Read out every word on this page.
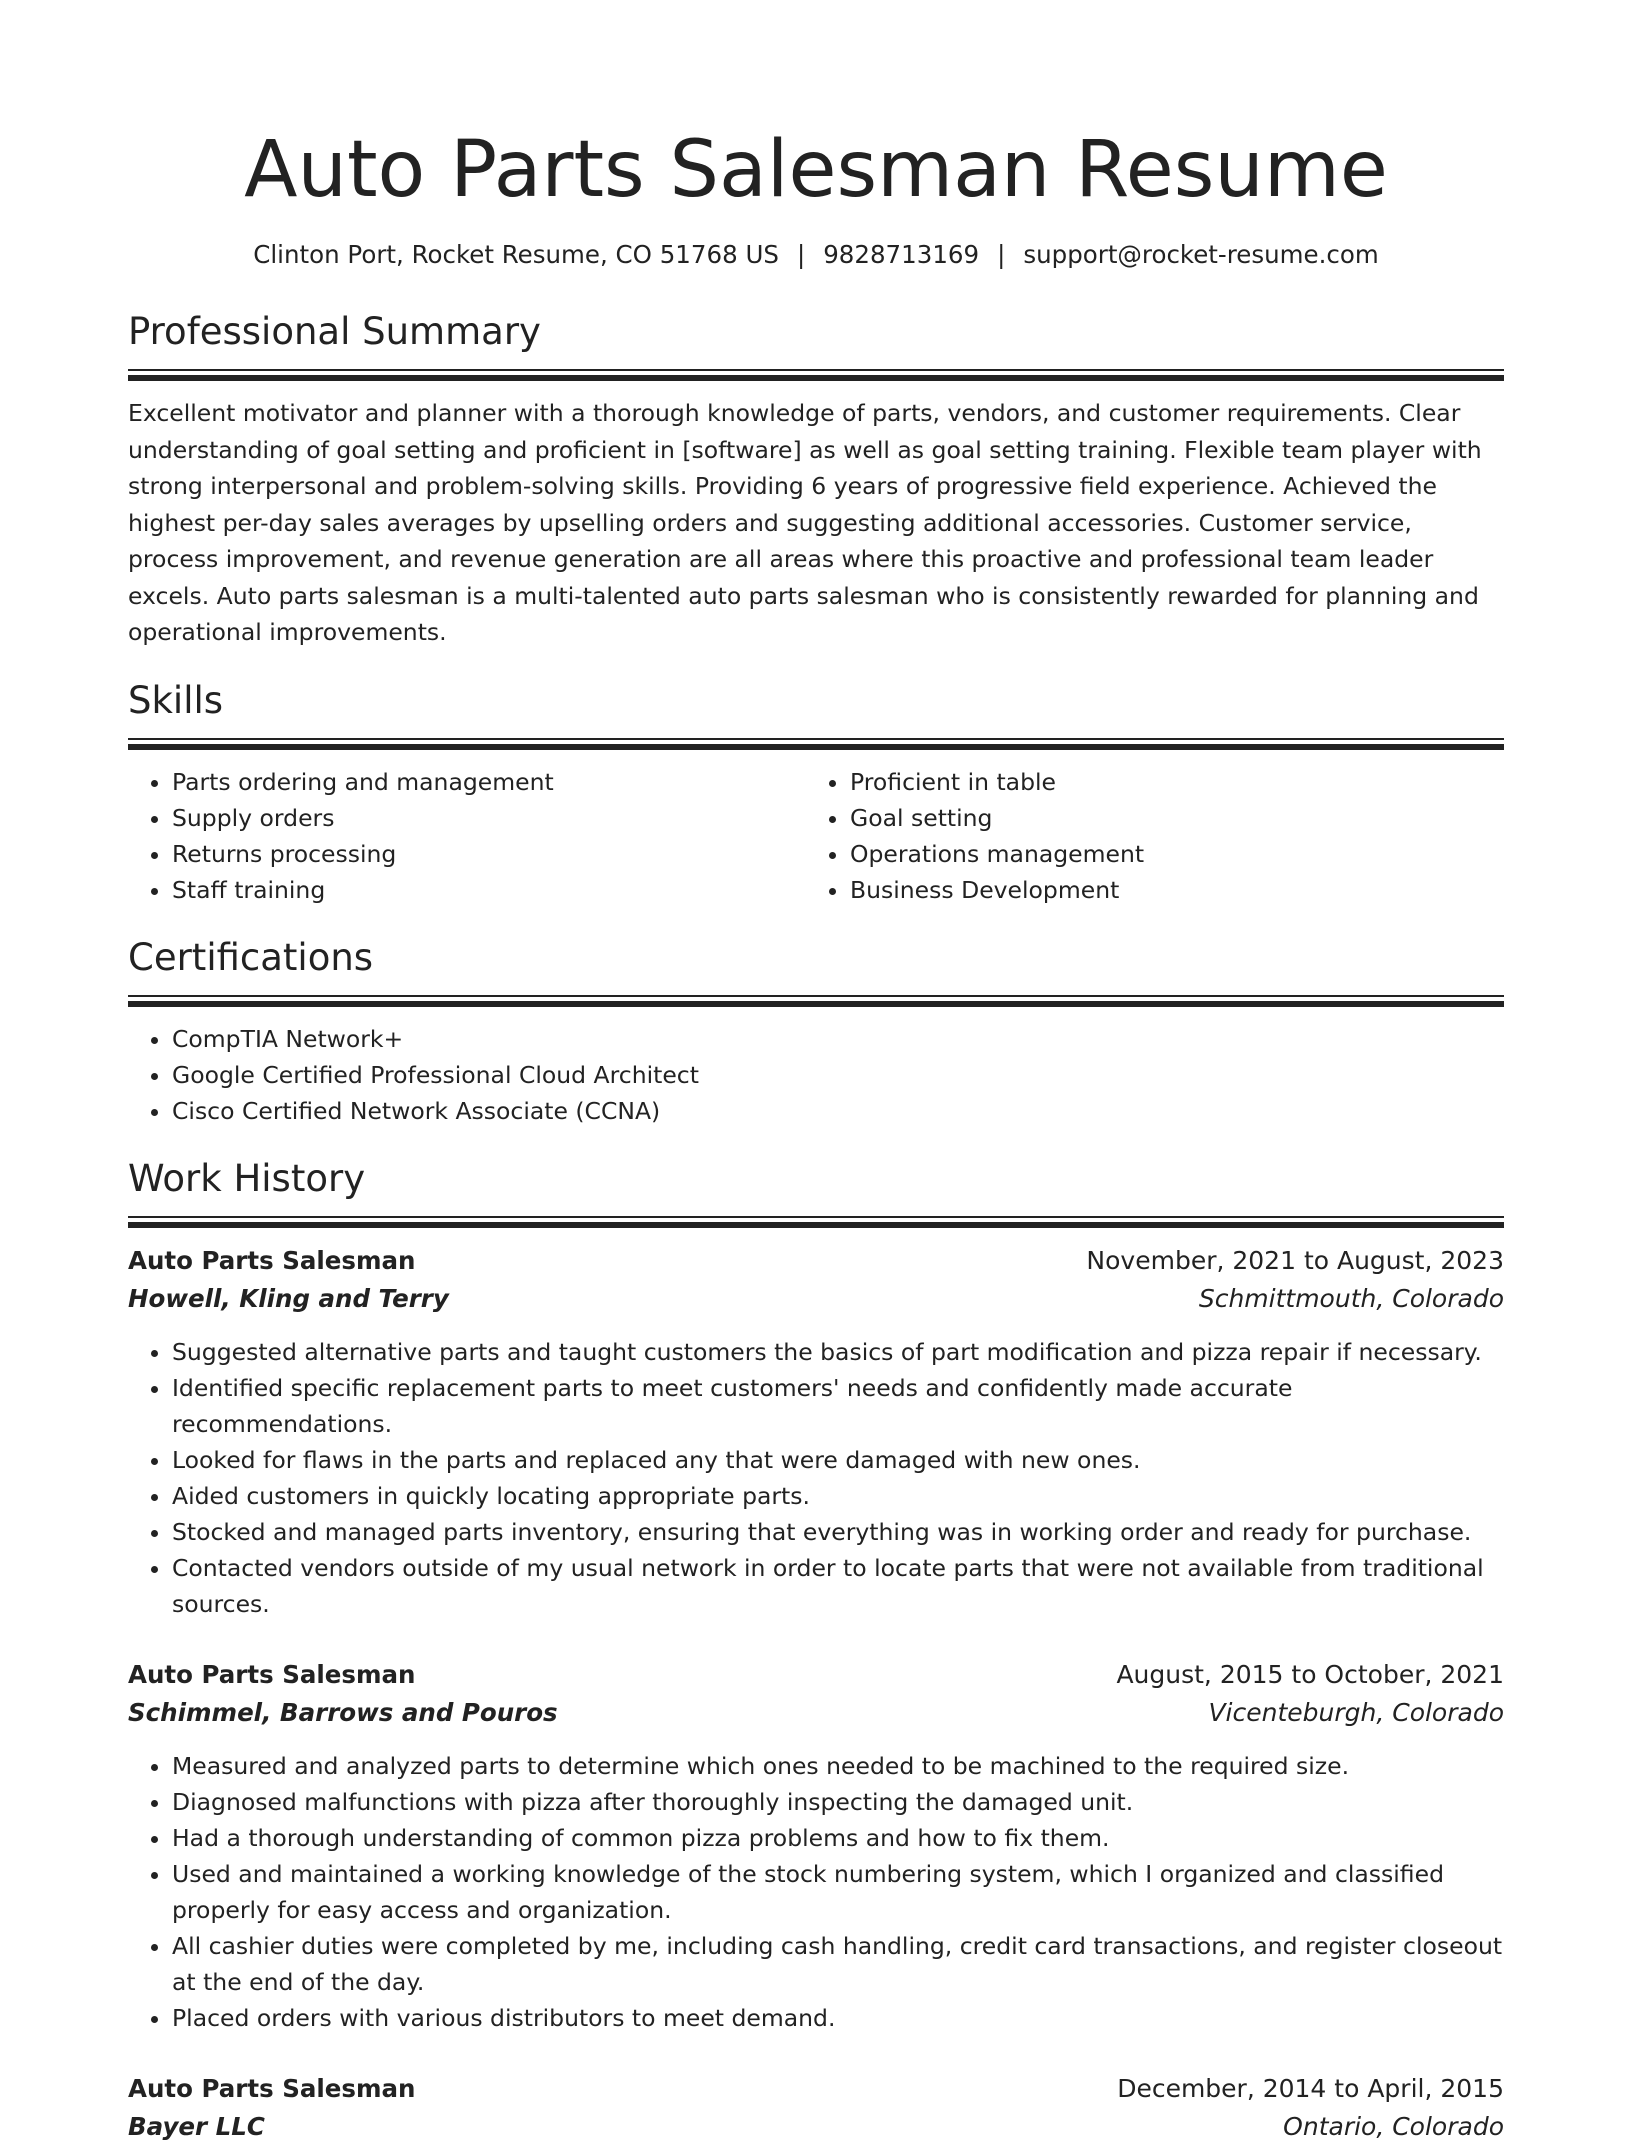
Auto Parts Salesman Resume
Clinton Port, Rocket Resume, CO 51768 US | 9828713169 | support@rocket-resume.com
Professional Summary

Excellent motivator and planner with a thorough knowledge of parts, vendors, and customer requirements. Clear understanding of goal setting and proficient in [software] as well as goal setting training. Flexible team player with strong interpersonal and problem-solving skills. Providing 6 years of progressive field experience. Achieved the highest per-day sales averages by upselling orders and suggesting additional accessories. Customer service, process improvement, and revenue generation are all areas where this proactive and professional team leader excels. Auto parts salesman is a multi-talented auto parts salesman who is consistently rewarded for planning and operational improvements.

Skills
• Parts ordering and management
• Supply orders
• Returns processing
• Staff training
• Proficient in table
• Goal setting
• Operations management
• Business Development
Certifications
• CompTIA Network+
• Google Certified Professional Cloud Architect
• Cisco Certified Network Associate (CCNA)
Work History
Auto Parts Salesman	November, 2021 to August, 2023
Howell, Kling and Terry	Schmittmouth, Colorado
• Suggested alternative parts and taught customers the basics of part modification and pizza repair if necessary.
• Identified specific replacement parts to meet customers' needs and confidently made accurate recommendations.
• Looked for flaws in the parts and replaced any that were damaged with new ones.
• Aided customers in quickly locating appropriate parts.
• Stocked and managed parts inventory, ensuring that everything was in working order and ready for purchase.
• Contacted vendors outside of my usual network in order to locate parts that were not available from traditional sources.
Auto Parts Salesman	August, 2015 to October, 2021
Schimmel, Barrows and Pouros	Vicenteburgh, Colorado
• Measured and analyzed parts to determine which ones needed to be machined to the required size.
• Diagnosed malfunctions with pizza after thoroughly inspecting the damaged unit.
• Had a thorough understanding of common pizza problems and how to fix them.
• Used and maintained a working knowledge of the stock numbering system, which I organized and classified properly for easy access and organization.
• All cashier duties were completed by me, including cash handling, credit card transactions, and register closeout at the end of the day.
• Placed orders with various distributors to meet demand.
Auto Parts Salesman	December, 2014 to April, 2015
Bayer LLC	Ontario, Colorado
